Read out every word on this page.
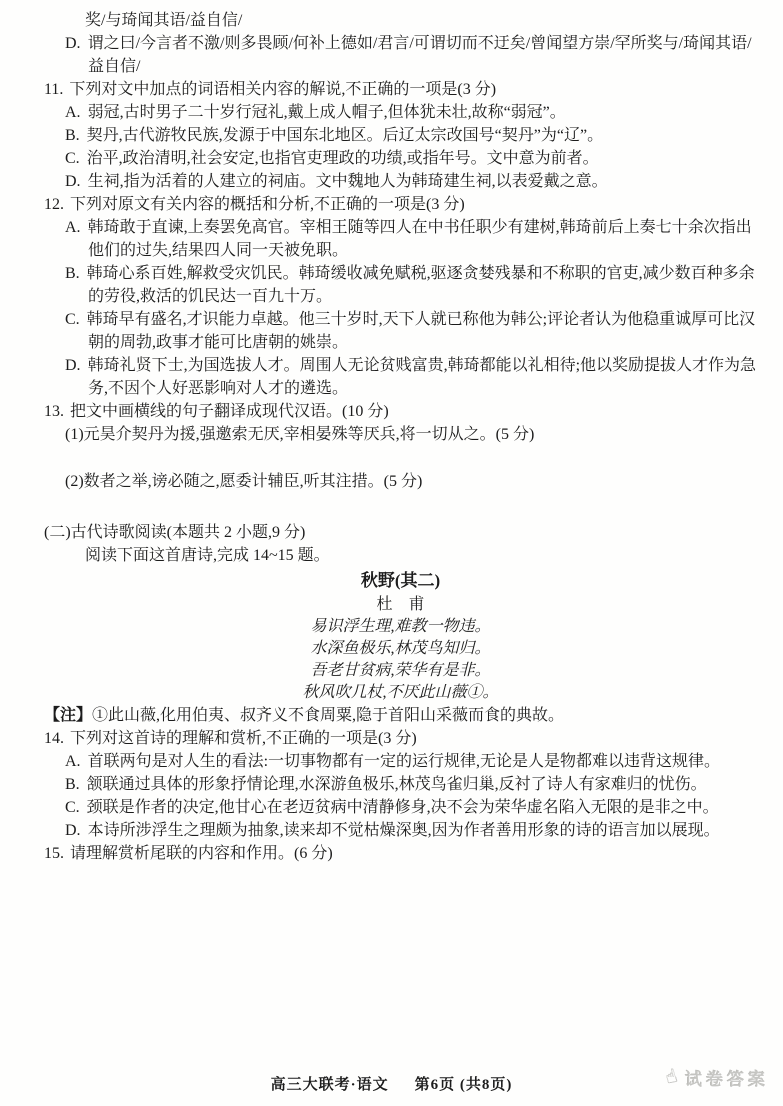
奖/与琦闻其语/益自信/
D. 谓之曰/今言者不激/则多畏顾/何补上德如/君言/可谓切而不迂矣/曾闻望方崇/罕所奖与/琦闻其语/益自信/
11. 下列对文中加点的词语相关内容的解说,不正确的一项是(3 分)
A. 弱冠,古时男子二十岁行冠礼,戴上成人帽子,但体犹未壮,故称“弱冠”。
B. 契丹,古代游牧民族,发源于中国东北地区。后辽太宗改国号“契丹”为“辽”。
C. 治平,政治清明,社会安定,也指官吏理政的功绩,或指年号。文中意为前者。
D. 生祠,指为活着的人建立的祠庙。文中魏地人为韩琦建生祠,以表爱戴之意。
12. 下列对原文有关内容的概括和分析,不正确的一项是(3 分)
A. 韩琦敢于直谏,上奏罢免高官。宰相王随等四人在中书任职少有建树,韩琦前后上奏七十余次指出他们的过失,结果四人同一天被免职。
B. 韩琦心系百姓,解救受灾饥民。韩琦缓收减免赋税,驱逐贪婪残暴和不称职的官吏,减少数百种多余的劳役,救活的饥民达一百九十万。
C. 韩琦早有盛名,才识能力卓越。他三十岁时,天下人就已称他为韩公;评论者认为他稳重诚厚可比汉朝的周勃,政事才能可比唐朝的姚崇。
D. 韩琦礼贤下士,为国选拔人才。周围人无论贫贱富贵,韩琦都能以礼相待;他以奖励提拔人才作为急务,不因个人好恶影响对人才的遴选。
13. 把文中画横线的句子翻译成现代汉语。(10 分)
(1)元昊介契丹为援,强邀索无厌,宰相晏殊等厌兵,将一切从之。(5 分)
(2)数者之举,谤必随之,愿委计辅臣,听其注措。(5 分)
(二)古代诗歌阅读(本题共 2 小题,9 分)
阅读下面这首唐诗,完成 14~15 题。
秋野(其二)
杜　甫
易识浮生理,难教一物违。
水深鱼极乐,林茂鸟知归。
吾老甘贫病,荣华有是非。
秋风吹几杖,不厌此山薇①。
【注】①此山薇,化用伯夷、叔齐义不食周粟,隐于首阳山采薇而食的典故。
14. 下列对这首诗的理解和赏析,不正确的一项是(3 分)
A. 首联两句是对人生的看法:一切事物都有一定的运行规律,无论是人是物都难以违背这规律。
B. 颔联通过具体的形象抒情论理,水深游鱼极乐,林茂鸟雀归巢,反衬了诗人有家难归的忧伤。
C. 颈联是作者的决定,他甘心在老迈贫病中清静修身,决不会为荣华虚名陷入无限的是非之中。
D. 本诗所涉浮生之理颇为抽象,读来却不觉枯燥深奥,因为作者善用形象的诗的语言加以展现。
15. 请理解赏析尾联的内容和作用。(6 分)
高三大联考·语文 第6页 (共8页)	☝ 试卷答案
